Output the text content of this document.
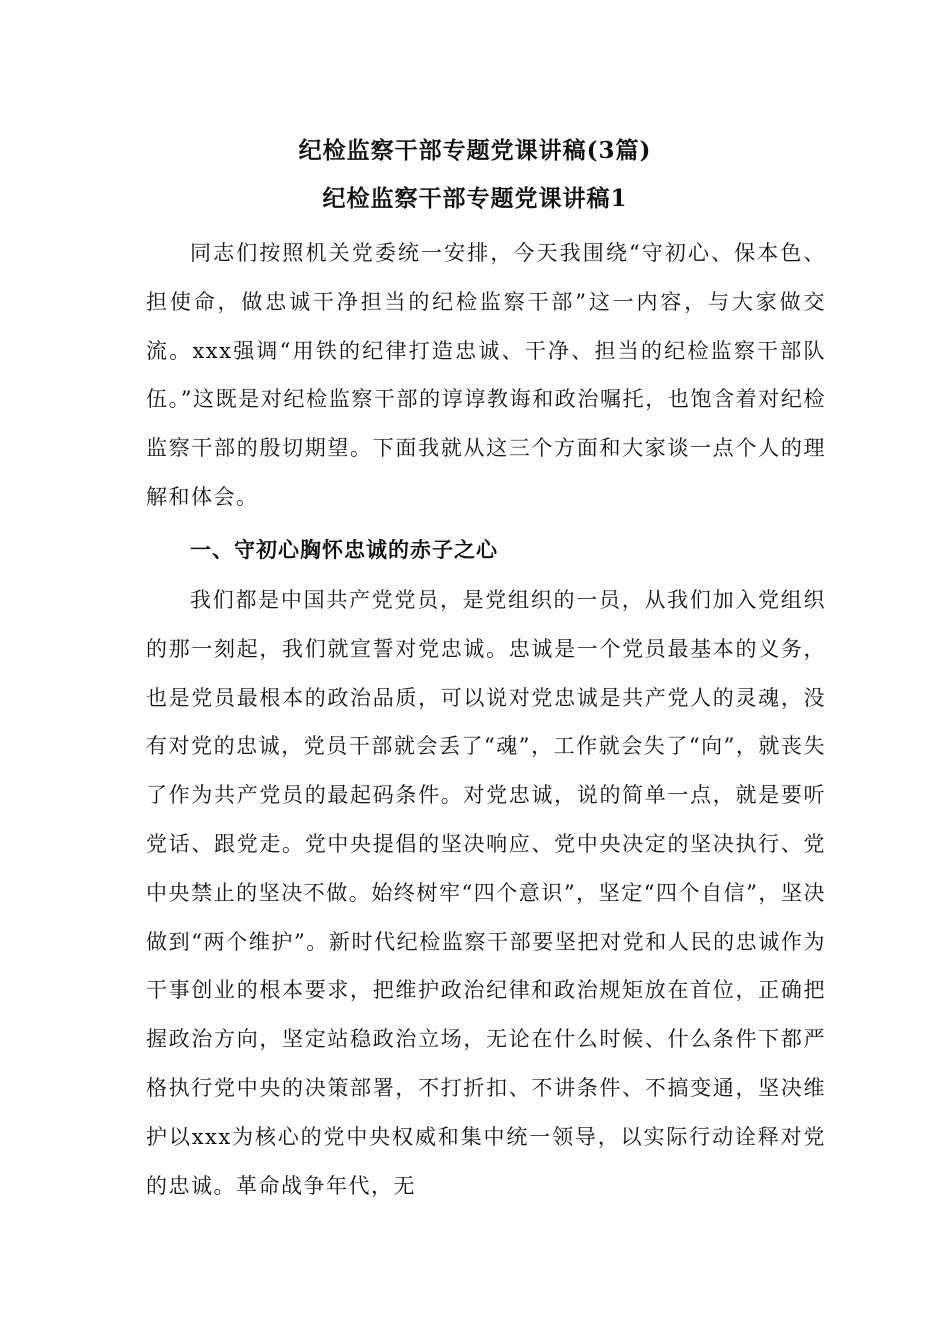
纪检监察干部专题党课讲稿(3篇)
纪检监察干部专题党课讲稿1

同志们按照机关党委统一安排，今天我围绕“守初心、保本色、担使命，做忠诚干净担当的纪检监察干部”这一内容，与大家做交流。xxx强调“用铁的纪律打造忠诚、干净、担当的纪检监察干部队伍。”这既是对纪检监察干部的谆谆教诲和政治嘱托，也饱含着对纪检监察干部的殷切期望。下面我就从这三个方面和大家谈一点个人的理解和体会。

一、守初心胸怀忠诚的赤子之心

我们都是中国共产党党员，是党组织的一员，从我们加入党组织的那一刻起，我们就宣誓对党忠诚。忠诚是一个党员最基本的义务，也是党员最根本的政治品质，可以说对党忠诚是共产党人的灵魂，没有对党的忠诚，党员干部就会丢了“魂”，工作就会失了“向”，就丧失了作为共产党员的最起码条件。对党忠诚，说的简单一点，就是要听党话、跟党走。党中央提倡的坚决响应、党中央决定的坚决执行、党中央禁止的坚决不做。始终树牢“四个意识”，坚定“四个自信”，坚决做到“两个维护”。新时代纪检监察干部要坚把对党和人民的忠诚作为干事创业的根本要求，把维护政治纪律和政治规矩放在首位，正确把握政治方向，坚定站稳政治立场，无论在什么时候、什么条件下都严格执行党中央的决策部署，不打折扣、不讲条件、不搞变通，坚决维护以xxx为核心的党中央权威和集中统一领导，以实际行动诠释对党的忠诚。革命战争年代，无
